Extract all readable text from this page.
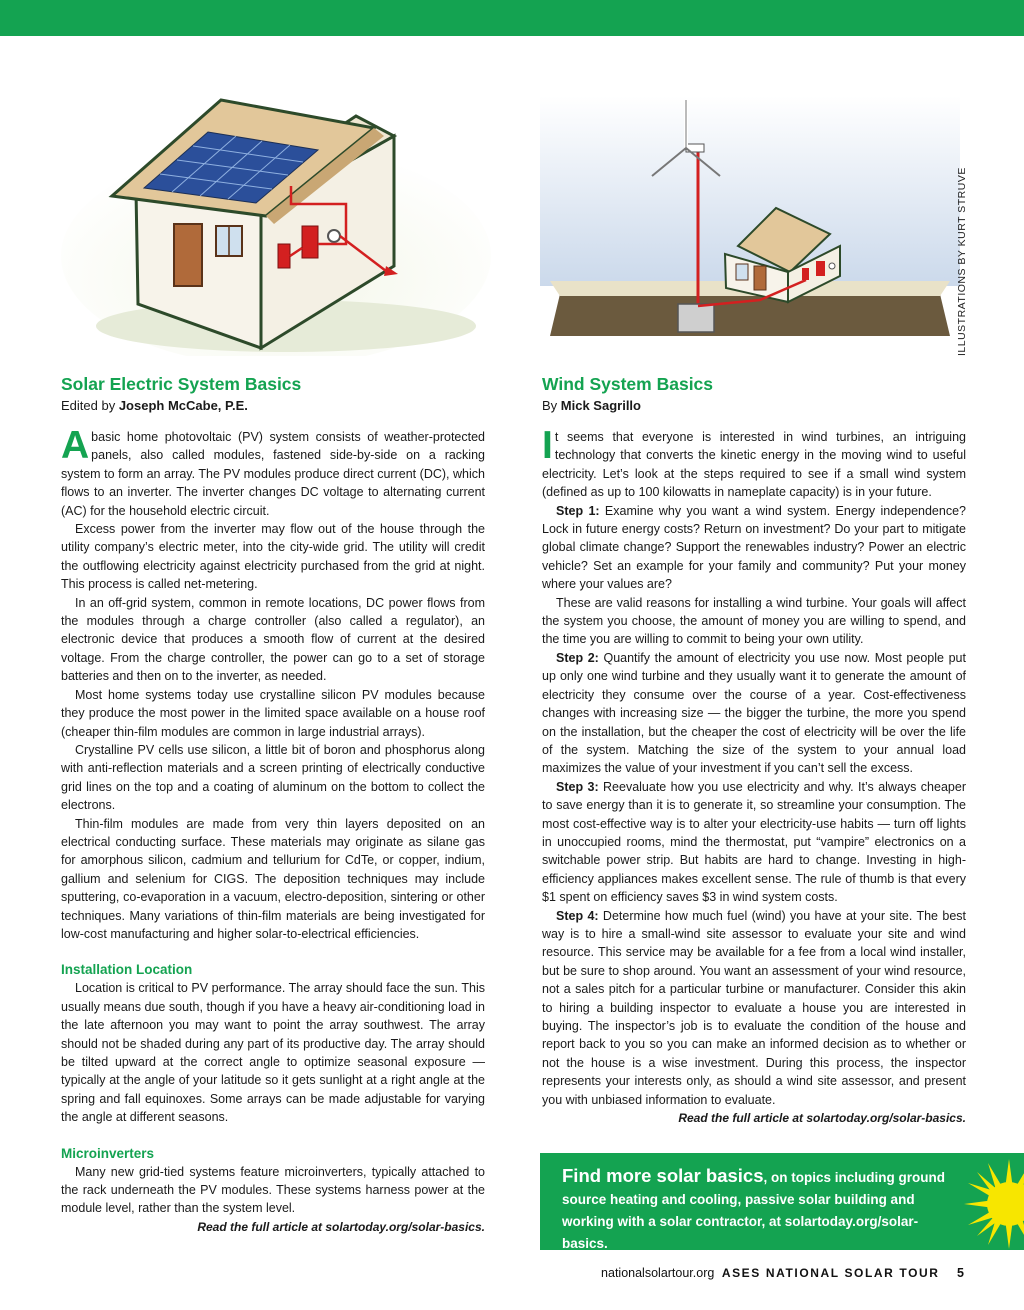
ILLUSTRATIONS BY KURT STRUVE
Solar Electric System Basics
Edited by Joseph McCabe, P.E.

Abasic home photovoltaic (PV) system consists of weather-protected panels, also called modules, fastened side-by-side on a racking system to form an array. The PV modules produce direct current (DC), which flows to an inverter. The inverter changes DC voltage to alternating current (AC) for the household electric circuit.

Excess power from the inverter may flow out of the house through the utility company’s electric meter, into the city-wide grid. The utility will credit the outflowing electricity against electricity purchased from the grid at night. This process is called net-metering.

In an off-grid system, common in remote locations, DC power flows from the modules through a charge controller (also called a regulator), an electronic device that produces a smooth flow of current at the desired voltage. From the charge controller, the power can go to a set of storage batteries and then on to the inverter, as needed.

Most home systems today use crystalline silicon PV modules because they produce the most power in the limited space available on a house roof (cheaper thin-film modules are common in large industrial arrays).

Crystalline PV cells use silicon, a little bit of boron and phosphorus along with anti-reflection materials and a screen printing of electrically conductive grid lines on the top and a coating of aluminum on the bottom to collect the electrons.

Thin-film modules are made from very thin layers deposited on an electrical conducting surface. These materials may originate as silane gas for amorphous silicon, cadmium and tellurium for CdTe, or copper, indium, gallium and selenium for CIGS. The deposition techniques may include sputtering, co-evaporation in a vacuum, electro-deposition, sintering or other techniques. Many variations of thin-film materials are being investigated for low-cost manufacturing and higher solar-to-electrical efficiencies.

Installation Location

Location is critical to PV performance. The array should face the sun. This usually means due south, though if you have a heavy air-conditioning load in the late afternoon you may want to point the array southwest. The array should not be shaded during any part of its productive day. The array should be tilted upward at the correct angle to optimize seasonal exposure — typically at the angle of your latitude so it gets sunlight at a right angle at the spring and fall equinoxes. Some arrays can be made adjustable for varying the angle at different seasons.

Microinverters

Many new grid-tied systems feature microinverters, typically attached to the rack underneath the PV modules. These systems harness power at the module level, rather than the system level.

Read the full article at solartoday.org/solar-basics.

Wind System Basics
By Mick Sagrillo

It seems that everyone is interested in wind turbines, an intriguing technology that converts the kinetic energy in the moving wind to useful electricity. Let’s look at the steps required to see if a small wind system (defined as up to 100 kilowatts in nameplate capacity) is in your future.

Step 1: Examine why you want a wind system. Energy independence? Lock in future energy costs? Return on investment? Do your part to mitigate global climate change? Support the renewables industry? Power an electric vehicle? Set an example for your family and community? Put your money where your values are?

These are valid reasons for installing a wind turbine. Your goals will affect the system you choose, the amount of money you are willing to spend, and the time you are willing to commit to being your own utility.

Step 2: Quantify the amount of electricity you use now. Most people put up only one wind turbine and they usually want it to generate the amount of electricity they consume over the course of a year. Cost-effectiveness changes with increasing size — the bigger the turbine, the more you spend on the installation, but the cheaper the cost of electricity will be over the life of the system. Matching the size of the system to your annual load maximizes the value of your investment if you can’t sell the excess.

Step 3: Reevaluate how you use electricity and why. It’s always cheaper to save energy than it is to generate it, so streamline your consumption. The most cost-effective way is to alter your electricity-use habits — turn off lights in unoccupied rooms, mind the thermostat, put “vampire” electronics on a switchable power strip. But habits are hard to change. Investing in high-efficiency appliances makes excellent sense. The rule of thumb is that every $1 spent on efficiency saves $3 in wind system costs.

Step 4: Determine how much fuel (wind) you have at your site. The best way is to hire a small-wind site assessor to evaluate your site and wind resource. This service may be available for a fee from a local wind installer, but be sure to shop around. You want an assessment of your wind resource, not a sales pitch for a particular turbine or manufacturer. Consider this akin to hiring a building inspector to evaluate a house you are interested in buying. The inspector’s job is to evaluate the condition of the house and report back to you so you can make an informed decision as to whether or not the house is a wise investment. During this process, the inspector represents your interests only, as should a wind site assessor, and present you with unbiased information to evaluate.

Read the full article at solartoday.org/solar-basics.

Find more solar basics, on topics including ground source heating and cooling, passive solar building and working with a solar contractor, at solartoday.org/solar-basics.
nationalsolartour.org ASES NATIONAL SOLAR TOUR 5
